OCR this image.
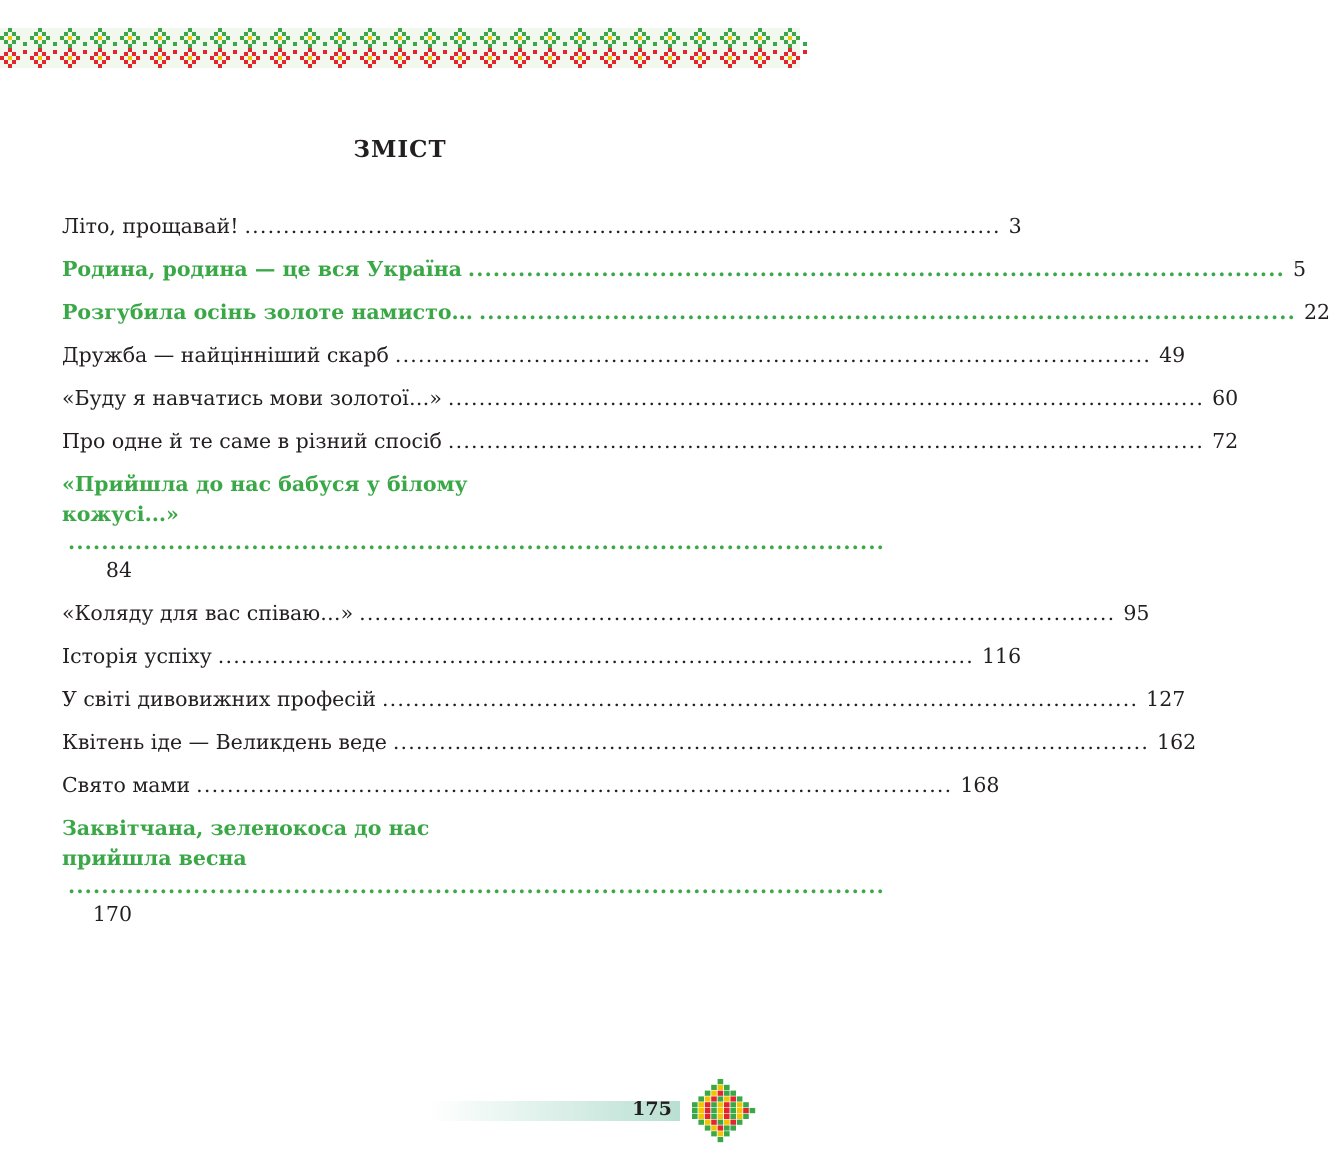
ЗМІСТ
Літо, прощавай! .................................................................................................. 3
Родина, родина — це вся Україна .................................................................................................. 5
Розгубила осінь золоте намисто... .................................................................................................. 22
Дружба — найцінніший скарб .................................................................................................. 49
«Буду я навчатись мови золотої…» .................................................................................................. 60
Про одне й те саме в різний спосіб .................................................................................................. 72
«Прийшла до нас бабуся у білому
кожусі...»
..................................................................................................
84
«Коляду для вас співаю…» .................................................................................................. 95
Історія успіху .................................................................................................. 116
У світі дивовижних професій .................................................................................................. 127
Квітень іде — Великдень веде .................................................................................................. 162
Свято мами .................................................................................................. 168
Заквітчана, зеленокоса до нас
прийшла весна
..................................................................................................
170
175
